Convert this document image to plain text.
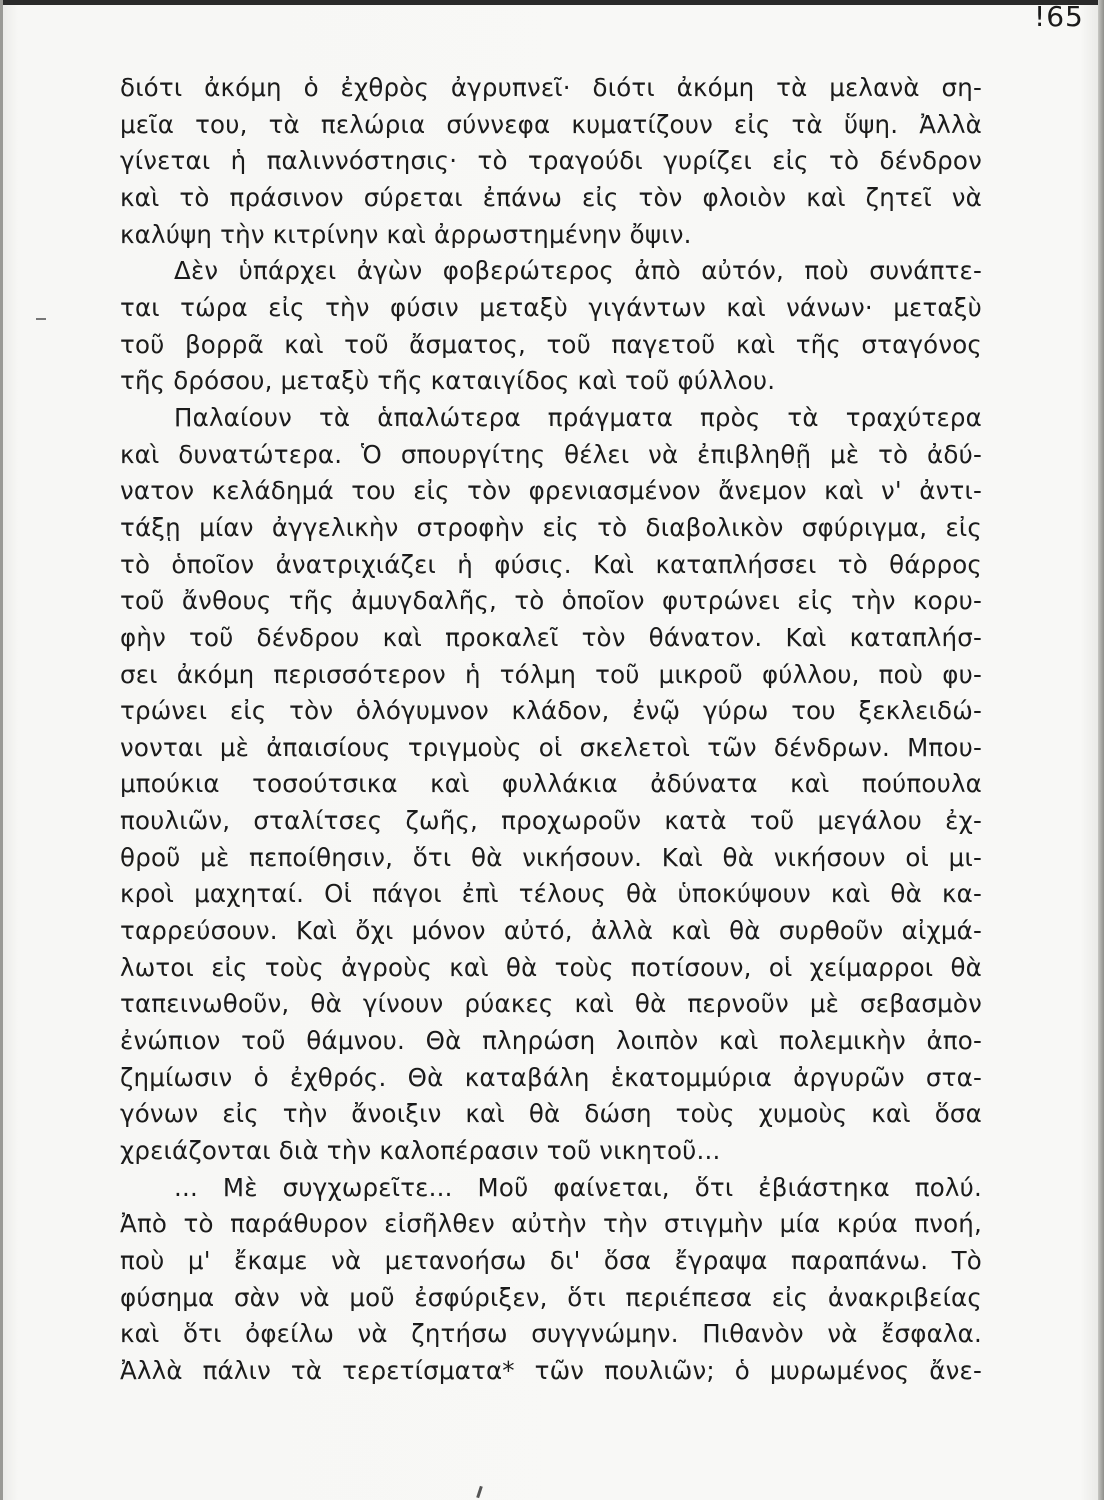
!65
διότι ἀκόμη ὁ ἐχθρὸς ἀγρυπνεῖ· διότι ἀκόμη τὰ μελανὰ ση-
μεῖα του, τὰ πελώρια σύννεφα κυματίζουν εἰς τὰ ὕψη. Ἀλλὰ
γίνεται ἡ παλιννόστησις· τὸ τραγούδι γυρίζει εἰς τὸ δένδρον
καὶ τὸ πράσινον σύρεται ἐπάνω εἰς τὸν φλοιὸν καὶ ζητεῖ νὰ
καλύψη τὴν κιτρίνην καὶ ἀρρωστημένην ὄψιν.
Δὲν ὑπάρχει ἀγὼν φοβερώτερος ἀπὸ αὐτόν, ποὺ συνάπτε-
ται τώρα εἰς τὴν φύσιν μεταξὺ γιγάντων καὶ νάνων· μεταξὺ
τοῦ βορρᾶ καὶ τοῦ ἄσματος, τοῦ παγετοῦ καὶ τῆς σταγόνος
τῆς δρόσου, μεταξὺ τῆς καταιγίδος καὶ τοῦ φύλλου.
Παλαίουν τὰ ἁπαλώτερα πράγματα πρὸς τὰ τραχύτερα
καὶ δυνατώτερα. Ὁ σπουργίτης θέλει νὰ ἐπιβληθῇ μὲ τὸ ἀδύ-
νατον κελάδημά του εἰς τὸν φρενιασμένον ἄνεμον καὶ ν' ἀντι-
τάξῃ μίαν ἀγγελικὴν στροφὴν εἰς τὸ διαβολικὸν σφύριγμα, εἰς
τὸ ὁποῖον ἀνατριχιάζει ἡ φύσις. Καὶ καταπλήσσει τὸ θάρρος
τοῦ ἄνθους τῆς ἀμυγδαλῆς, τὸ ὁποῖον φυτρώνει εἰς τὴν κορυ-
φὴν τοῦ δένδρου καὶ προκαλεῖ τὸν θάνατον. Καὶ καταπλήσ-
σει ἀκόμη περισσότερον ἡ τόλμη τοῦ μικροῦ φύλλου, ποὺ φυ-
τρώνει εἰς τὸν ὁλόγυμνον κλάδον, ἐνῷ γύρω του ξεκλειδώ-
νονται μὲ ἀπαισίους τριγμοὺς οἱ σκελετοὶ τῶν δένδρων. Μπου-
μπούκια τοσούτσικα καὶ φυλλάκια ἀδύνατα καὶ πούπουλα
πουλιῶν, σταλίτσες ζωῆς, προχωροῦν κατὰ τοῦ μεγάλου ἐχ-
θροῦ μὲ πεποίθησιν, ὅτι θὰ νικήσουν. Καὶ θὰ νικήσουν οἱ μι-
κροὶ μαχηταί. Οἱ πάγοι ἐπὶ τέλους θὰ ὑποκύψουν καὶ θὰ κα-
ταρρεύσουν. Καὶ ὄχι μόνον αὐτό, ἀλλὰ καὶ θὰ συρθοῦν αἰχμά-
λωτοι εἰς τοὺς ἀγροὺς καὶ θὰ τοὺς ποτίσουν, οἱ χείμαρροι θὰ
ταπεινωθοῦν, θὰ γίνουν ρύακες καὶ θὰ περνοῦν μὲ σεβασμὸν
ἐνώπιον τοῦ θάμνου. Θὰ πληρώση λοιπὸν καὶ πολεμικὴν ἀπο-
ζημίωσιν ὁ ἐχθρός. Θὰ καταβάλη ἑκατομμύρια ἀργυρῶν στα-
γόνων εἰς τὴν ἄνοιξιν καὶ θὰ δώση τοὺς χυμοὺς καὶ ὅσα
χρειάζονται διὰ τὴν καλοπέρασιν τοῦ νικητοῦ...
... Μὲ συγχωρεῖτε... Μοῦ φαίνεται, ὅτι ἐβιάστηκα πολύ.
Ἀπὸ τὸ παράθυρον εἰσῆλθεν αὐτὴν τὴν στιγμὴν μία κρύα πνοή,
ποὺ μ' ἔκαμε νὰ μετανοήσω δι' ὅσα ἔγραψα παραπάνω. Τὸ
φύσημα σὰν νὰ μοῦ ἐσφύριξεν, ὅτι περιέπεσα εἰς ἀνακριβείας
καὶ ὅτι ὀφείλω νὰ ζητήσω συγγνώμην. Πιθανὸν νὰ ἔσφαλα.
Ἀλλὰ πάλιν τὰ τερετίσματα* τῶν πουλιῶν; ὁ μυρωμένος ἄνε-
